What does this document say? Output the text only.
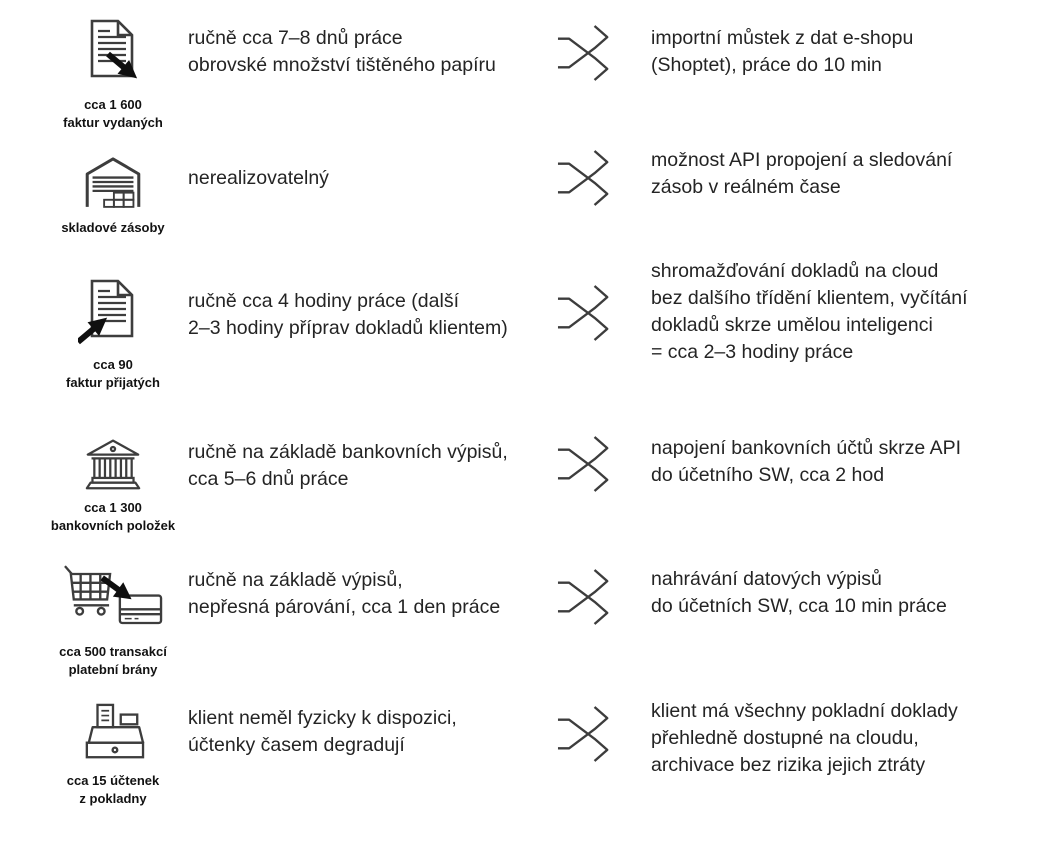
cca 1 600
faktur vydaných
ručně cca 7–8 dnů práce
obrovské množství tištěného papíru
importní můstek z dat e-shopu
(Shoptet), práce do 10 min
skladové zásoby
nerealizovatelný
možnost API propojení a sledování
zásob v reálném čase
cca 90
faktur přijatých
ručně cca 4 hodiny práce (další
2–3 hodiny příprav dokladů klientem)
shromažďování dokladů na cloud
bez dalšího třídění klientem, vyčítání
dokladů skrze umělou inteligenci
= cca 2–3 hodiny práce
cca 1 300
bankovních položek
ručně na základě bankovních výpisů,
cca 5–6 dnů práce
napojení bankovních účtů skrze API
do účetního SW, cca 2 hod
cca 500 transakcí
platební brány
ručně na základě výpisů,
nepřesná párování, cca 1 den práce
nahrávání datových výpisů
do účetních SW, cca 10 min práce
cca 15 účtenek
z pokladny
klient neměl fyzicky k dispozici,
účtenky časem degradují
klient má všechny pokladní doklady
přehledně dostupné na cloudu,
archivace bez rizika jejich ztráty
